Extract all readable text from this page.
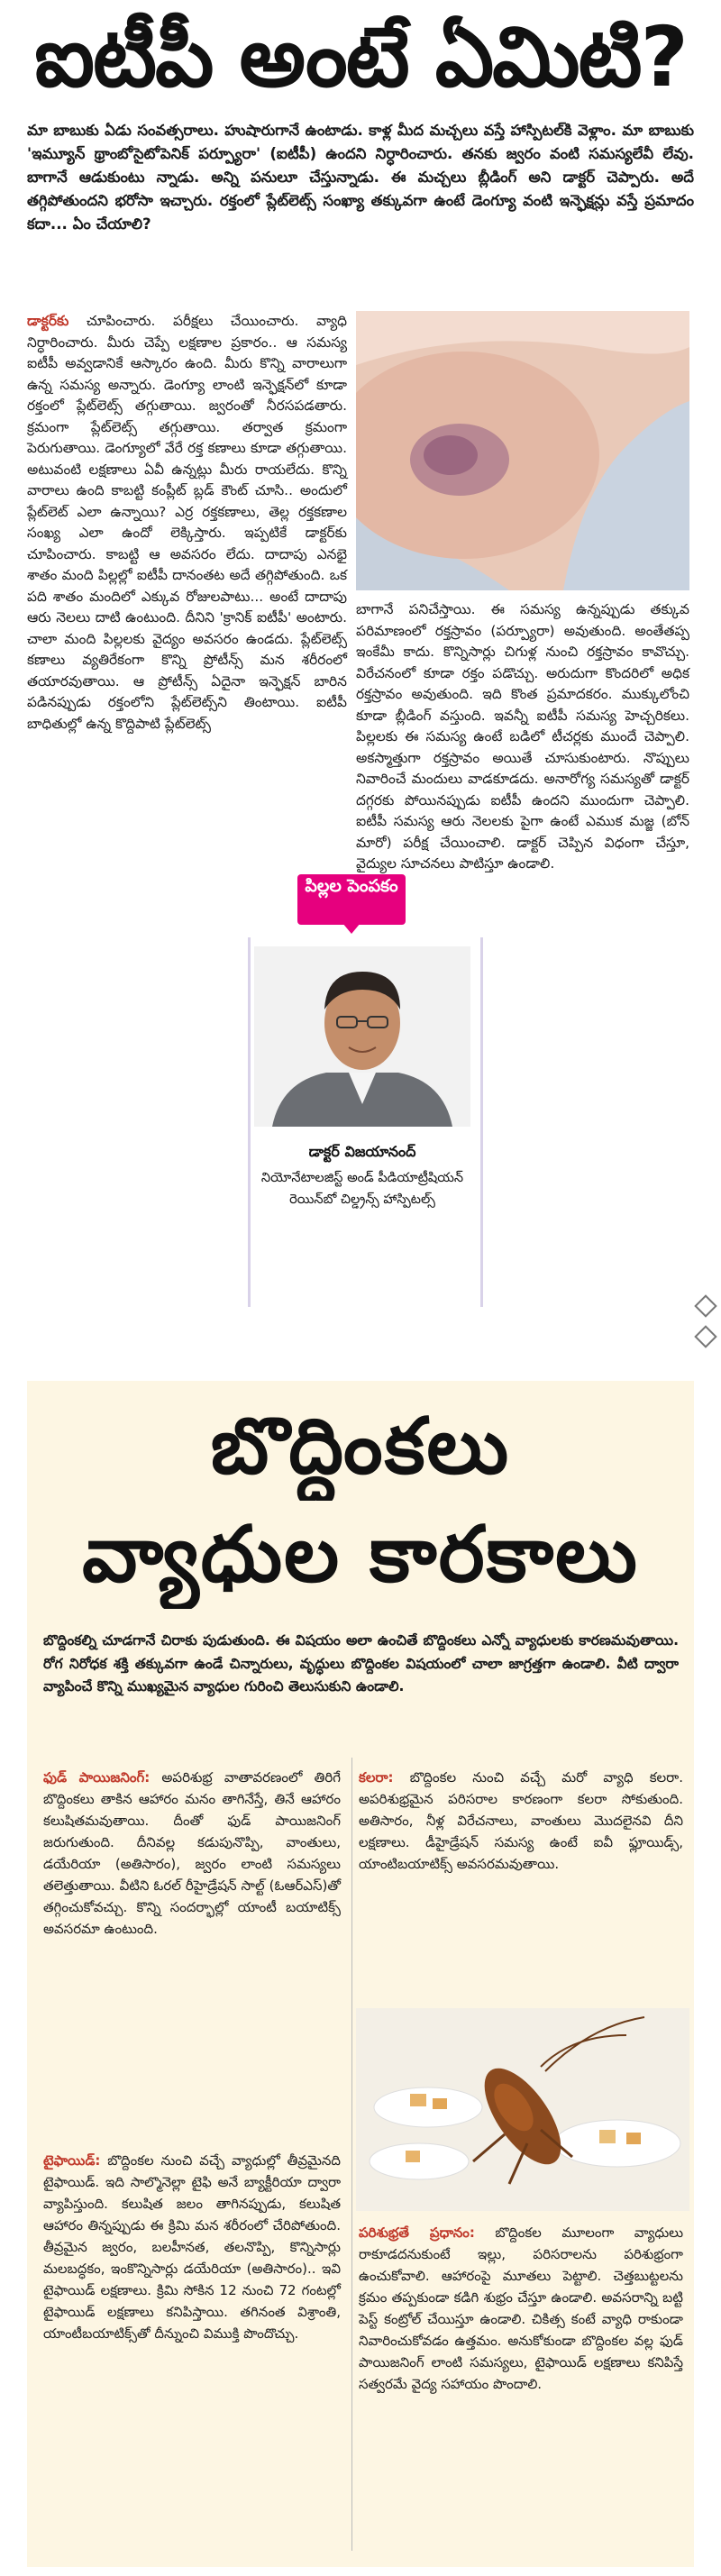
ఐటీపీ అంటే ఏమిటి?
మా బాబుకు ఏడు సంవత్సరాలు. హుషారుగానే ఉంటాడు. కాళ్ల మీద మచ్చలు వస్తే హాస్పిటల్‌కి వెళ్లాం. మా బాబుకు 'ఇమ్యూన్ థ్రాంబోసైటోపెనిక్ పర్ప్యూరా' (ఐటీపీ) ఉందని నిర్ధారించారు. తనకు జ్వరం వంటి సమస్యలేవీ లేవు. బాగానే ఆడుకుంటు న్నాడు. అన్ని పనులూ చేస్తున్నాడు. ఈ మచ్చలు బ్లీడింగ్ అని డాక్టర్ చెప్పారు. అదే తగ్గిపోతుందని భరోసా ఇచ్చారు. రక్తంలో ప్లేట్‌లెట్స్ సంఖ్యా తక్కువగా ఉంటే డెంగ్యూ వంటి ఇన్ఫెక్షన్లు వస్తే ప్రమాదం కదా... ఏం చేయాలి?
డాక్టర్‌కు చూపించారు. పరీక్షలు చేయించారు. వ్యాధి నిర్ధారించారు. మీరు చెప్పే లక్షణాల ప్రకారం.. ఆ సమస్య ఐటీపీ అవ్వడానికే ఆస్కారం ఉంది. మీరు కొన్ని వారాలుగా ఉన్న సమస్య అన్నారు. డెంగ్యూ లాంటి ఇన్ఫెక్షన్‌లో కూడా రక్తంలో ప్లేట్‌లెట్స్ తగ్గుతాయి. జ్వరంతో నీరసపడతారు. క్రమంగా ప్లేట్‌లెట్స్ తగ్గుతాయి. తర్వాత క్రమంగా పెరుగుతాయి. డెంగ్యూలో వేరే రక్త కణాలు కూడా తగ్గుతాయి. అటువంటి లక్షణాలు ఏవీ ఉన్నట్లు మీరు రాయలేదు. కొన్ని వారాలు ఉంది కాబట్టి కంప్లీట్ బ్లడ్ కౌంట్ చూసి.. అందులో ప్లేట్‌లెట్ ఎలా ఉన్నాయి? ఎర్ర రక్తకణాలు, తెల్ల రక్తకణాల సంఖ్య ఎలా ఉందో లెక్కిస్తారు. ఇప్పటికే డాక్టర్‌కు చూపించారు. కాబట్టి ఆ అవసరం లేదు. దాదాపు ఎనభై శాతం మంది పిల్లల్లో ఐటీపీ దానంతట అదే తగ్గిపోతుంది. ఒక పది శాతం మందిలో ఎక్కువ రోజులపాటు... అంటే దాదాపు ఆరు నెలలు దాటి ఉంటుంది. దీనిని 'క్రానిక్ ఐటీపీ' అంటారు. చాలా మంది పిల్లలకు వైద్యం అవసరం ఉండదు. ప్లేట్‌లెట్స్ కణాలు వ్యతిరేకంగా కొన్ని ప్రోటీన్స్ మన శరీరంలో తయారవుతాయి. ఆ ప్రోటీన్స్ ఏదైనా ఇన్ఫెక్షన్ బారిన పడినప్పుడు రక్తంలోని ప్లేట్‌లెట్స్‌ని తింటాయి. ఐటీపీ బాధితుల్లో ఉన్న కొద్దిపాటి ప్లేట్‌లెట్స్
బాగానే పనిచేస్తాయి. ఈ సమస్య ఉన్నప్పుడు తక్కువ పరిమాణంలో రక్తస్రావం (పర్ప్యూరా) అవుతుంది. అంతేతప్ప ఇంకేమీ కాదు. కొన్నిసార్లు చిగుళ్ల నుంచి రక్తస్రావం కావొచ్చు. విరేచనంలో కూడా రక్తం పడొచ్చు. అరుదుగా కొందరిలో అధిక రక్తస్రావం అవుతుంది. ఇది కొంత ప్రమాదకరం. ముక్కులోంచి కూడా బ్లీడింగ్ వస్తుంది. ఇవన్నీ ఐటీపీ సమస్య హెచ్చరికలు. పిల్లలకు ఈ సమస్య ఉంటే బడిలో టీచర్లకు ముందే చెప్పాలి. అకస్మాత్తుగా రక్తస్రావం అయితే చూసుకుంటారు. నొప్పులు నివారించే మందులు వాడకూడదు. అనారోగ్య సమస్యతో డాక్టర్ దగ్గరకు పోయినప్పుడు ఐటీపీ ఉందని ముందుగా చెప్పాలి. ఐటీపీ సమస్య ఆరు నెలలకు పైగా ఉంటే ఎముక మజ్జ (బోన్ మారో) పరీక్ష చేయించాలి. డాక్టర్ చెప్పిన విధంగా చేస్తూ, వైద్యుల సూచనలు పాటిస్తూ ఉండాలి.
పిల్లల పెంపకం
డాక్టర్ విజయానంద్
నియోనేటాలజిస్ట్ అండ్ పీడియాట్రీషియన్ రెయిన్‌బో చిల్డ్రన్స్ హాస్పిటల్స్
బొద్దింకలు
వ్యాధుల కారకాలు
బొద్దింకల్ని చూడగానే చిరాకు పుడుతుంది. ఈ విషయం అలా ఉంచితే బొద్దింకలు ఎన్నో వ్యాధులకు కారణమవుతాయి. రోగ నిరోధక శక్తి తక్కువగా ఉండే చిన్నారులు, వృద్ధులు బొద్దింకల విషయంలో చాలా జాగ్రత్తగా ఉండాలి. వీటి ద్వారా వ్యాపించే కొన్ని ముఖ్యమైన వ్యాధుల గురించి తెలుసుకుని ఉండాలి.
ఫుడ్ పాయిజనింగ్: అపరిశుభ్ర వాతావరణంలో తిరిగే బొద్దింకలు తాకిన ఆహారం మనం తాగినేస్తే, తినే ఆహారం కలుషితమవుతాయి. దీంతో ఫుడ్ పాయిజనింగ్ జరుగుతుంది. దీనివల్ల కడుపునొప్పి, వాంతులు, డయేరియా (అతిసారం), జ్వరం లాంటి సమస్యలు తలెత్తుతాయి. వీటిని ఓరల్ రీహైడ్రేషన్ సాల్ట్ (ఓఆర్ఎస్)తో తగ్గించుకోవచ్చు. కొన్ని సందర్భాల్లో యాంటీ బయాటిక్స్ అవసరమా ఉంటుంది.
టైఫాయిడ్: బొద్దింకల నుంచి వచ్చే వ్యాధుల్లో తీవ్రమైనది టైఫాయిడ్. ఇది సాల్మొనెల్లా టైఫి అనే బ్యాక్టీరియా ద్వారా వ్యాపిస్తుంది. కలుషిత జలం తాగినప్పుడు, కలుషిత ఆహారం తిన్నప్పుడు ఈ క్రిమి మన శరీరంలో చేరిపోతుంది. తీవ్రమైన జ్వరం, బలహీనత, తలనొప్పి, కొన్నిసార్లు మలబద్ధకం, ఇంకొన్నిసార్లు డయేరియా (అతిసారం).. ఇవి టైఫాయిడ్ లక్షణాలు. క్రిమి సోకిన 12 నుంచి 72 గంటల్లో టైఫాయిడ్ లక్షణాలు కనిపిస్తాయి. తగినంత విశ్రాంతి, యాంటీబయాటిక్స్‌తో దీన్నుంచి విముక్తి పొందొచ్చు.
కలరా: బొద్దింకల నుంచి వచ్చే మరో వ్యాధి కలరా. అపరిశుభ్రమైన పరిసరాల కారణంగా కలరా సోకుతుంది. అతిసారం, నీళ్ల విరేచనాలు, వాంతులు మొదలైనవి దీని లక్షణాలు. డీహైడ్రేషన్ సమస్య ఉంటే ఐవీ ఫ్లూయిడ్స్, యాంటిబయాటిక్స్ అవసరమవుతాయి.
పరిశుభ్రతే ప్రధానం: బొద్దింకల మూలంగా వ్యాధులు రాకూడదనుకుంటే ఇల్లు, పరిసరాలను పరిశుభ్రంగా ఉంచుకోవాలి. ఆహారంపై మూతలు పెట్టాలి. చెత్తబుట్టలను క్రమం తప్పకుండా కడిగి శుభ్రం చేస్తూ ఉండాలి. అవసరాన్ని బట్టి పెస్ట్ కంట్రోల్ చేయిస్తూ ఉండాలి. చికిత్స కంటే వ్యాధి రాకుండా నివారించుకోవడం ఉత్తమం. అనుకోకుండా బొద్దింకల వల్ల ఫుడ్ పాయిజనింగ్ లాంటి సమస్యలు, టైఫాయిడ్ లక్షణాలు కనిపిస్తే సత్వరమే వైద్య సహాయం పొందాలి.
